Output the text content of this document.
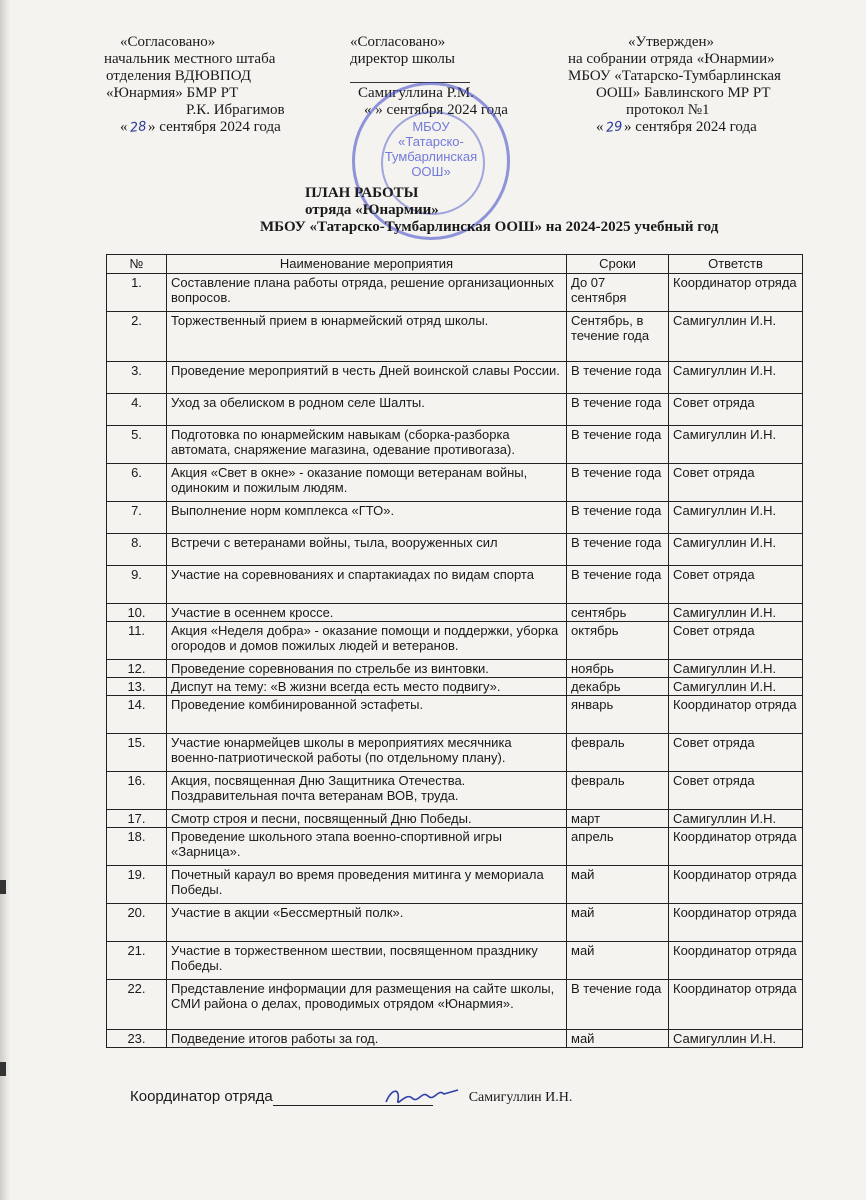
«Согласовано»
начальник местного штаба
отделения ВДЮВПОД
«Юнармия» БМР РТ
Р.К. Ибрагимов
«28» сентября 2024 года
«Согласовано»
директор школы
Самигуллина Р.М.
« » сентября 2024 года
«Утвержден»
на собрании отряда «Юнармии»
МБОУ «Татарско-Тумбарлинская
ООШ» Бавлинского МР РТ
протокол №1
«29» сентября 2024 года
МБОУ
«Татарско-
Тумбарлинская
ООШ»
ПЛАН РАБОТЫ
отряда «Юнармии»
МБОУ «Татарско-Тумбарлинская ООШ» на 2024-2025 учебный год
№	Наименование мероприятия	Сроки	Ответств
1.	Составление плана работы отряда, решение организационных вопросов.	До 07 сентября	Координатор отряда
2.	Торжественный прием в юнармейский отряд школы.	Сентябрь, в течение года	Самигуллин И.Н.
3.	Проведение мероприятий в честь Дней воинской славы России.	В течение года	Самигуллин И.Н.
4.	Уход за обелиском в родном селе Шалты.	В течение года	Совет отряда
5.	Подготовка по юнармейским навыкам (сборка-разборка автомата, снаряжение магазина, одевание противогаза).	В течение года	Самигуллин И.Н.
6.	Акция «Свет в окне» - оказание помощи ветеранам войны, одиноким и пожилым людям.	В течение года	Совет отряда
7.	Выполнение норм комплекса «ГТО».	В течение года	Самигуллин И.Н.
8.	Встречи с ветеранами войны, тыла, вооруженных сил	В течение года	Самигуллин И.Н.
9.	Участие на соревнованиях и спартакиадах по видам спорта	В течение года	Совет отряда
10.	Участие в осеннем кроссе.	сентябрь	Самигуллин И.Н.
11.	Акция «Неделя добра» - оказание помощи и поддержки, уборка огородов и домов пожилых людей и ветеранов.	октябрь	Совет отряда
12.	Проведение соревнования по стрельбе из винтовки.	ноябрь	Самигуллин И.Н.
13.	Диспут на тему: «В жизни всегда есть место подвигу».	декабрь	Самигуллин И.Н.
14.	Проведение комбинированной эстафеты.	январь	Координатор отряда
15.	Участие юнармейцев школы в мероприятиях месячника военно-патриотической работы (по отдельному плану).	февраль	Совет отряда
16.	Акция, посвященная Дню Защитника Отечества. Поздравительная почта ветеранам ВОВ, труда.	февраль	Совет отряда
17.	Смотр строя и песни, посвященный Дню Победы.	март	Самигуллин И.Н.
18.	Проведение школьного этапа военно-спортивной игры «Зарница».	апрель	Координатор отряда
19.	Почетный караул во время проведения митинга у мемориала Победы.	май	Координатор отряда
20.	Участие в акции «Бессмертный полк».	май	Координатор отряда
21.	Участие в торжественном шествии, посвященном празднику Победы.	май	Координатор отряда
22.	Представление информации для размещения на сайте школы, СМИ района о делах, проводимых отрядом «Юнармия».	В течение года	Координатор отряда
23.	Подведение итогов работы за год.	май	Самигуллин И.Н.
Координатор отряда	Самигуллин И.Н.
